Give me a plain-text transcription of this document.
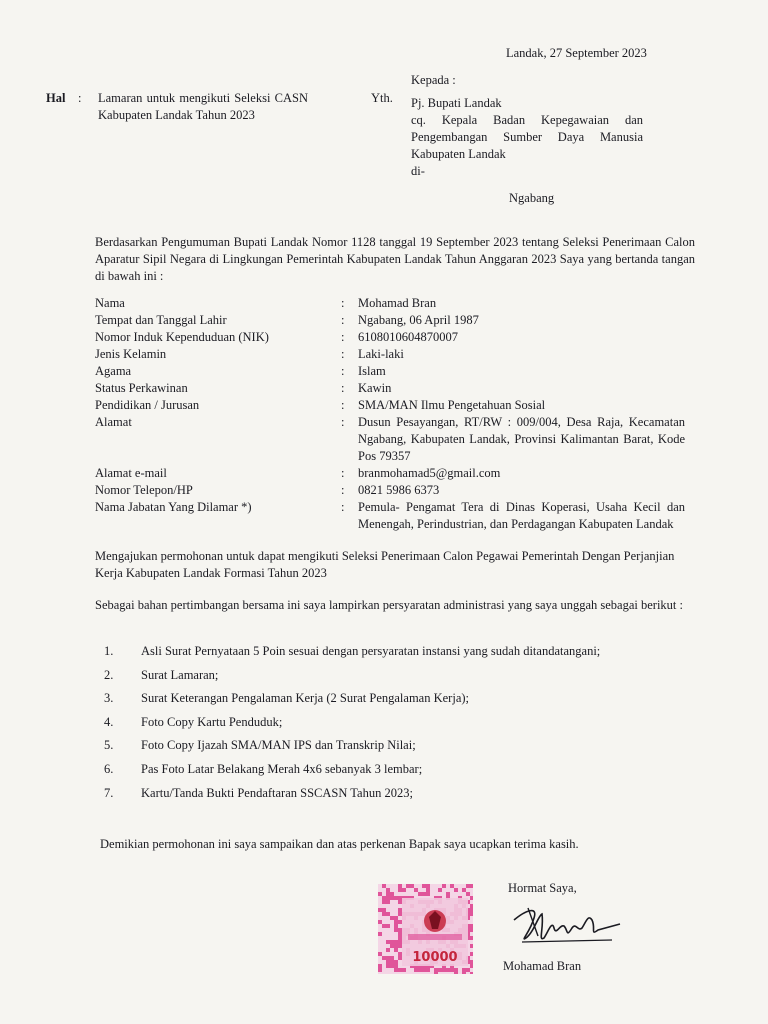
Landak, 27 September 2023
Hal : Lamaran untuk mengikuti Seleksi CASN Kabupaten Landak Tahun 2023
Yth.
Kepada :
Pj. Bupati Landak
cq. Kepala Badan Kepegawaian dan Pengembangan Sumber Daya Manusia Kabupaten Landak
di-
Ngabang
Berdasarkan Pengumuman Bupati Landak Nomor 1128 tanggal 19 September 2023 tentang Seleksi Penerimaan Calon Aparatur Sipil Negara di Lingkungan Pemerintah Kabupaten Landak Tahun Anggaran 2023 Saya yang bertanda tangan di bawah ini :
Nama	:	Mohamad Bran
Tempat dan Tanggal Lahir	:	Ngabang, 06 April 1987
Nomor Induk Kependuduan (NIK)	:	6108010604870007
Jenis Kelamin	:	Laki-laki
Agama	:	Islam
Status Perkawinan	:	Kawin
Pendidikan / Jurusan	:	SMA/MAN Ilmu Pengetahuan Sosial
Alamat	:	Dusun Pesayangan, RT/RW : 009/004, Desa Raja, Kecamatan Ngabang, Kabupaten Landak, Provinsi Kalimantan Barat, Kode Pos 79357
Alamat e-mail	:	branmohamad5@gmail.com
Nomor Telepon/HP	:	0821 5986 6373
Nama Jabatan Yang Dilamar *)	:	Pemula- Pengamat Tera di Dinas Koperasi, Usaha Kecil dan Menengah, Perindustrian, dan Perdagangan Kabupaten Landak
Mengajukan permohonan untuk dapat mengikuti Seleksi Penerimaan Calon Pegawai Pemerintah Dengan Perjanjian Kerja Kabupaten Landak Formasi Tahun 2023
Sebagai bahan pertimbangan bersama ini saya lampirkan persyaratan administrasi yang saya unggah sebagai berikut :
1.	Asli Surat Pernyataan 5 Poin sesuai dengan persyaratan instansi yang sudah ditandatangani;
2.	Surat Lamaran;
3.	Surat Keterangan Pengalaman Kerja (2 Surat Pengalaman Kerja);
4.	Foto Copy Kartu Penduduk;
5.	Foto Copy Ijazah SMA/MAN IPS dan Transkrip Nilai;
6.	Pas Foto Latar Belakang Merah 4x6 sebanyak 3 lembar;
7.	Kartu/Tanda Bukti Pendaftaran SSCASN Tahun 2023;
Demikian permohonan ini saya sampaikan dan atas perkenan Bapak saya ucapkan terima kasih.
10000
Hormat Saya,
Mohamad Bran
